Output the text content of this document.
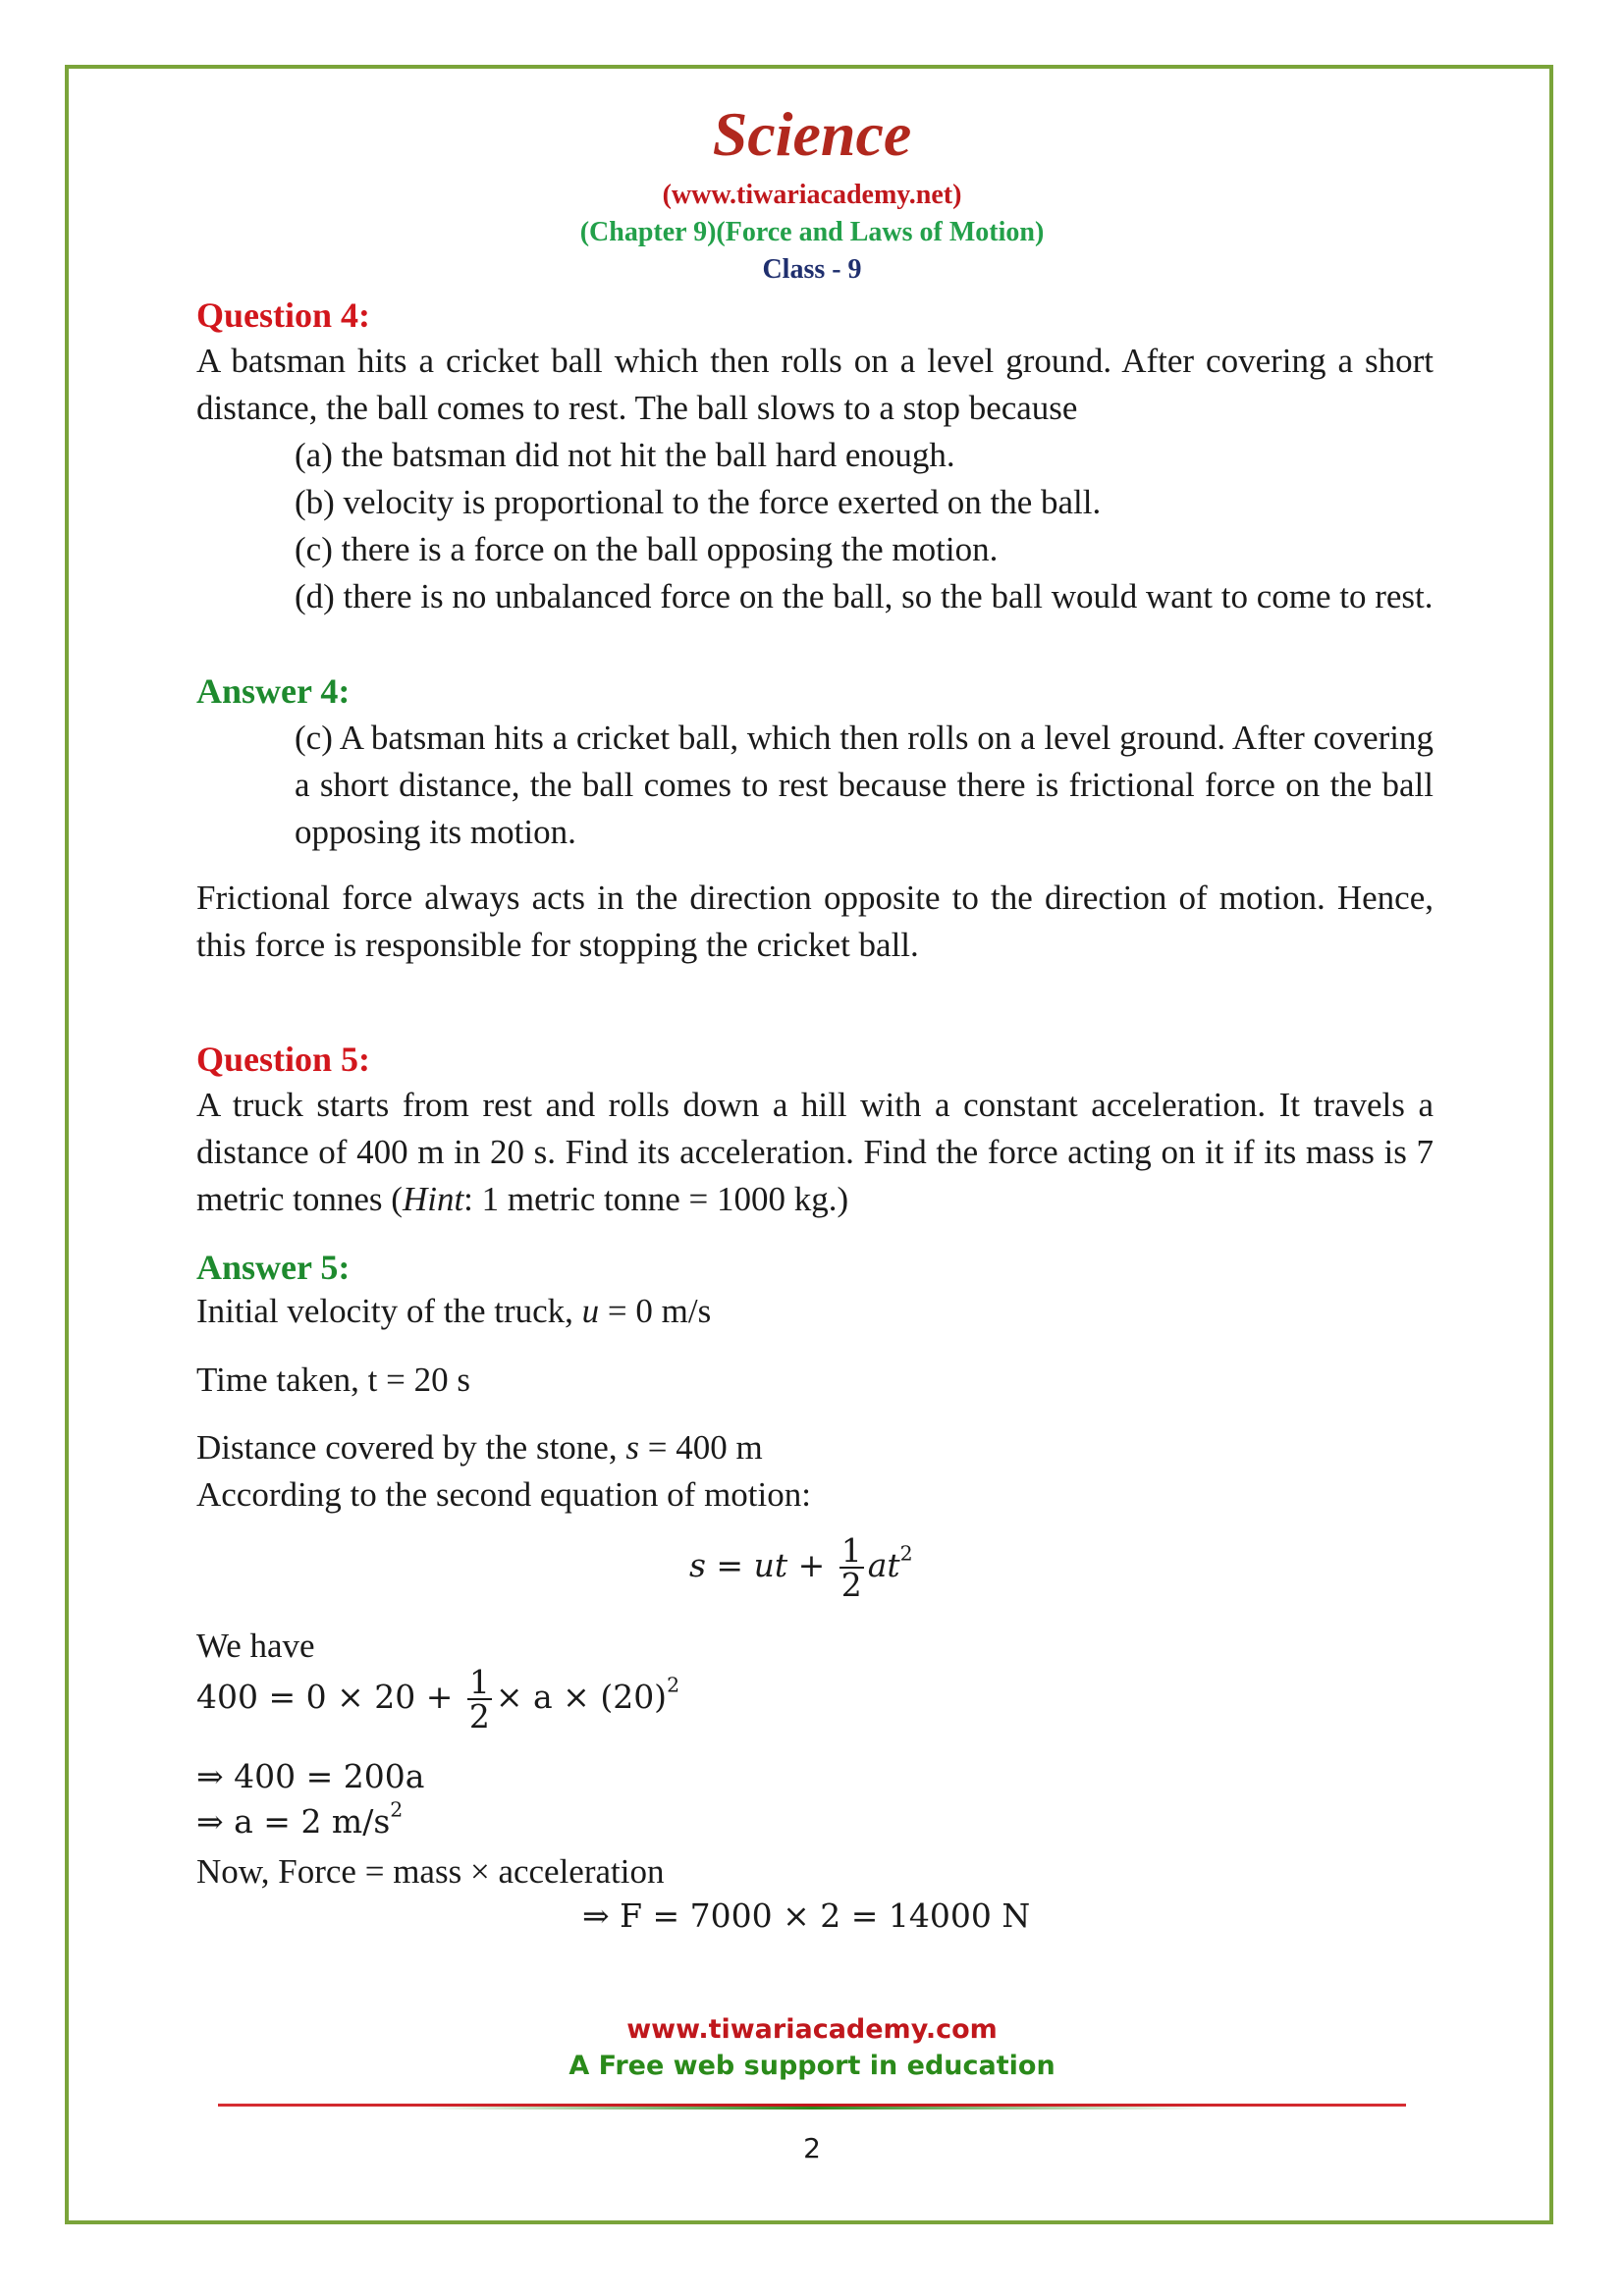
Science
(www.tiwariacademy.net)
(Chapter 9)(Force and Laws of Motion)
Class - 9
Question 4:
A batsman hits a cricket ball which then rolls on a level ground. After covering a short distance, the ball comes to rest. The ball slows to a stop because
(a) the batsman did not hit the ball hard enough.
(b) velocity is proportional to the force exerted on the ball.
(c) there is a force on the ball opposing the motion.
(d) there is no unbalanced force on the ball, so the ball would want to come to rest.
Answer 4:
(c) A batsman hits a cricket ball, which then rolls on a level ground. After covering a short distance, the ball comes to rest because there is frictional force on the ball opposing its motion.
Frictional force always acts in the direction opposite to the direction of motion. Hence, this force is responsible for stopping the cricket ball.
Question 5:
A truck starts from rest and rolls down a hill with a constant acceleration. It travels a distance of 400 m in 20 s. Find its acceleration. Find the force acting on it if its mass is 7 metric tonnes (Hint: 1 metric tonne = 1000 kg.)
Answer 5:
Initial velocity of the truck, u = 0 m/s
Time taken, t = 20 s
Distance covered by the stone, s = 400 m
According to the second equation of motion:
s = ut + $\frac{1}{2} at^2$
We have
$400 = 0 \times 20 + \frac{1}{2} \times a \times (20)^2$
⇒ 400 = 200a
⇒ a = 2 $m/s^2$
Now, Force = mass × acceleration
⇒ F = 7000 × 2 = 14000 N
www.tiwariacademy.com
A Free web support in education
2
